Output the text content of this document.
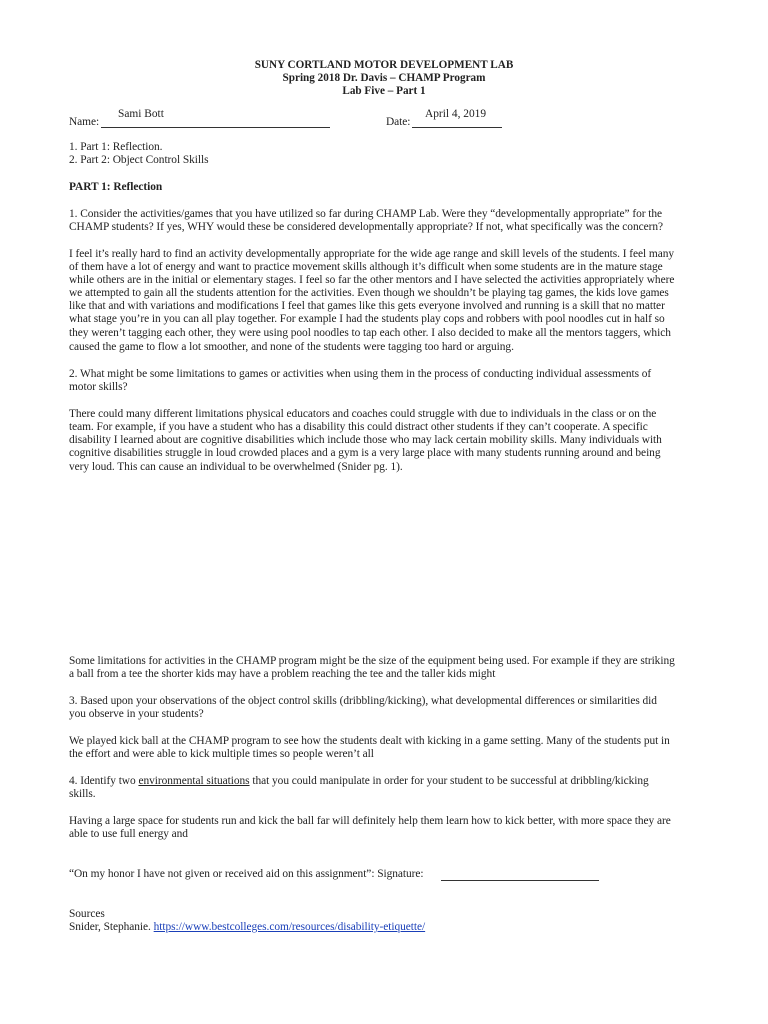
SUNY CORTLAND MOTOR DEVELOPMENT LAB
Spring 2018 Dr. Davis – CHAMP Program
Lab Five – Part 1
Name:
Sami Bott
Date:
April 4, 2019
1. Part 1: Reflection.
2. Part 2: Object Control Skills
PART 1: Reflection
1. Consider the activities/games that you have utilized so far during CHAMP Lab. Were they “developmentally appropriate” for the
CHAMP students? If yes, WHY would these be considered developmentally appropriate? If not, what specifically was the concern?
I feel it’s really hard to find an activity developmentally appropriate for the wide age range and skill levels of the students. I feel many
of them have a lot of energy and want to practice movement skills although it’s difficult when some students are in the mature stage
while others are in the initial or elementary stages. I feel so far the other mentors and I have selected the activities appropriately where
we attempted to gain all the students attention for the activities. Even though we shouldn’t be playing tag games, the kids love games
like that and with variations and modifications I feel that games like this gets everyone involved and running is a skill that no matter
what stage you’re in you can all play together. For example I had the students play cops and robbers with pool noodles cut in half so
they weren’t tagging each other, they were using pool noodles to tap each other. I also decided to make all the mentors taggers, which
caused the game to flow a lot smoother, and none of the students were tagging too hard or arguing.
2. What might be some limitations to games or activities when using them in the process of conducting individual assessments of
motor skills?
There could many different limitations physical educators and coaches could struggle with due to individuals in the class or on the
team. For example, if you have a student who has a disability this could distract other students if they can’t cooperate. A specific
disability I learned about are cognitive disabilities which include those who may lack certain mobility skills. Many individuals with
cognitive disabilities struggle in loud crowded places and a gym is a very large place with many students running around and being
very loud. This can cause an individual to be overwhelmed (Snider pg. 1).
Some limitations for activities in the CHAMP program might be the size of the equipment being used. For example if they are striking
a ball from a tee the shorter kids may have a problem reaching the tee and the taller kids might
3. Based upon your observations of the object control skills (dribbling/kicking), what developmental differences or similarities did
you observe in your students?
We played kick ball at the CHAMP program to see how the students dealt with kicking in a game setting. Many of the students put in
the effort and were able to kick multiple times so people weren’t all
4. Identify two environmental situations that you could manipulate in order for your student to be successful at dribbling/kicking
skills.
Having a large space for students run and kick the ball far will definitely help them learn how to kick better, with more space they are
able to use full energy and
“On my honor I have not given or received aid on this assignment”: Signature:
Sources
Snider, Stephanie. https://www.bestcolleges.com/resources/disability-etiquette/
